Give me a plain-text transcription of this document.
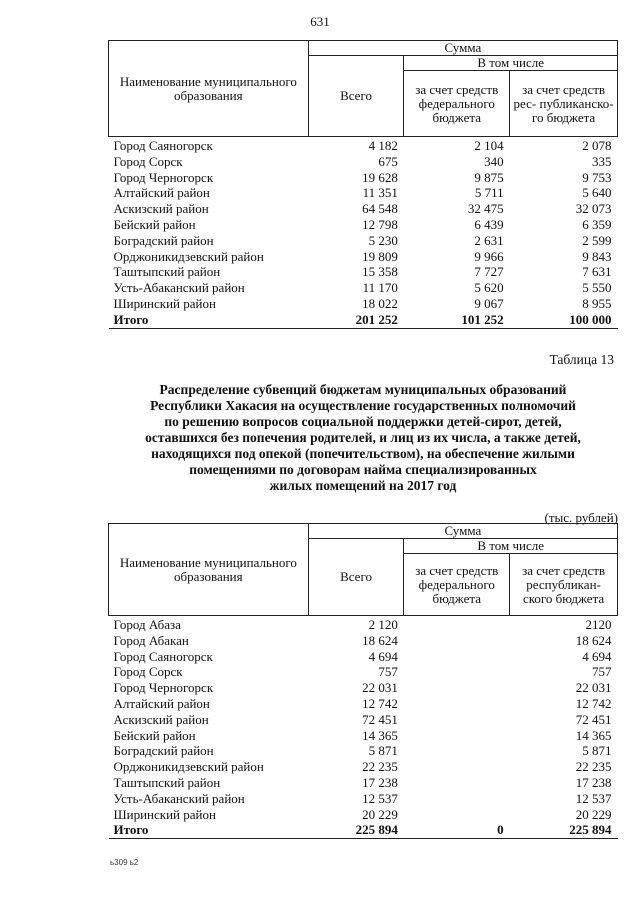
631
Наименование муниципального образования	Сумма		
	Всего	В том числе	
		за счет средств федерального бюджета	за счет средств рес- публиканско- го бюджета
Город Саяногорск	4 182	2 104	2 078
Город Сорск	675	340	335
Город Черногорск	19 628	9 875	9 753
Алтайский район	11 351	5 711	5 640
Аскизский район	64 548	32 475	32 073
Бейский район	12 798	6 439	6 359
Боградский район	5 230	2 631	2 599
Орджоникидзевский район	19 809	9 966	9 843
Таштыпский район	15 358	7 727	7 631
Усть-Абаканский район	11 170	5 620	5 550
Ширинский район	18 022	9 067	8 955
Итого	201 252	101 252	100 000
Таблица 13
Распределение субвенций бюджетам муниципальных образований
Республики Хакасия на осуществление государственных полномочий
по решению вопросов социальной поддержки детей-сирот, детей,
оставшихся без попечения родителей, и лиц из их числа, а также детей,
находящихся под опекой (попечительством), на обеспечение жилыми
помещениями по договорам найма специализированных
жилых помещений на 2017 год
(тыс. рублей)
Наименование муниципального образования	Сумма		
	Всего	В том числе	
		за счет средств федерального бюджета	за счет средств республикан- ского бюджета
Город Абаза	2 120		2120
Город Абакан	18 624		18 624
Город Саяногорск	4 694		4 694
Город Сорск	757		757
Город Черногорск	22 031		22 031
Алтайский район	12 742		12 742
Аскизский район	72 451		72 451
Бейский район	14 365		14 365
Боградский район	5 871		5 871
Орджоникидзевский район	22 235		22 235
Таштыпский район	17 238		17 238
Усть-Абаканский район	12 537		12 537
Ширинский район	20 229		20 229
Итого	225 894	0	225 894
ь309 ь2
